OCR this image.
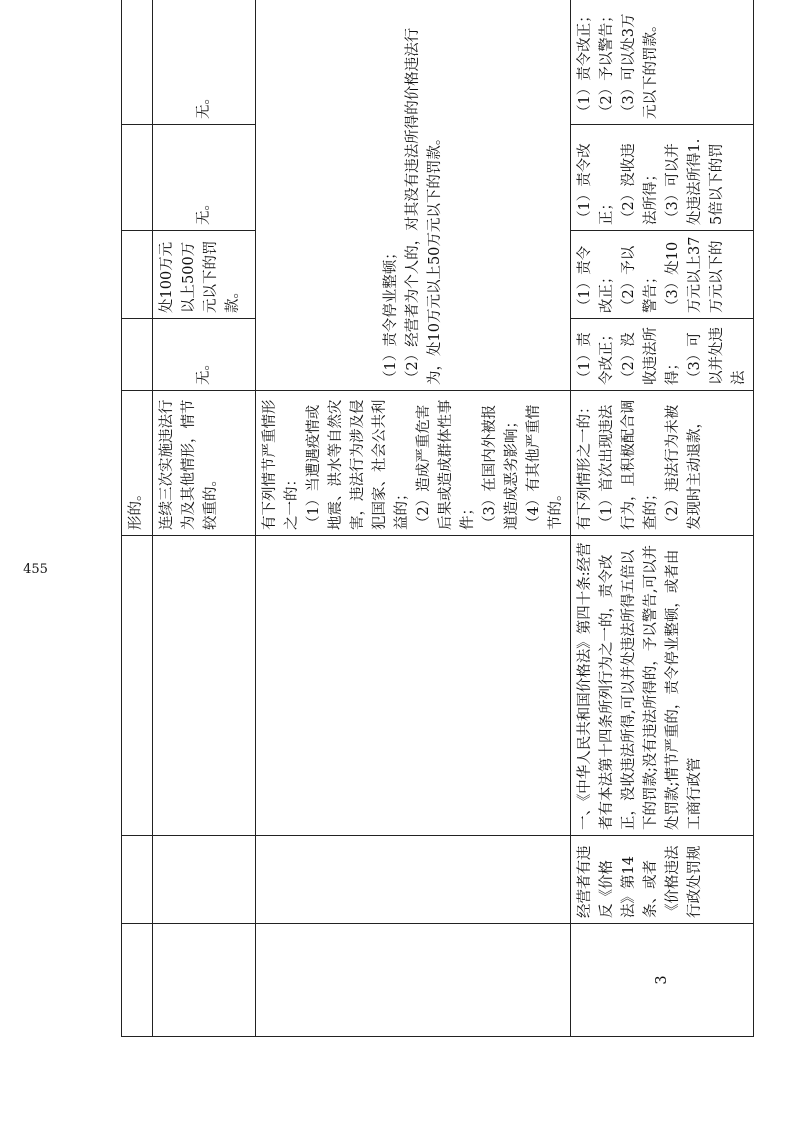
455
			形的。				
			连续三次实施违法行为及其他情形，情节较重的。	无。	处100万元以上500万元以下的罚款。	无。	无。
			有下列情节严重情形之一的：
（1）当遭遇疫情或地震、洪水等自然灾害，违法行为涉及侵犯国家、社会公共利益的；
（2）造成严重危害后果或造成群体性事件；
（3）在国内外被报道造成恶劣影响；
（4）有其他严重情节的。	（1）责令停业整顿；
（2）经营者为个人的，对其没有违法所得的价格违法行为，处10万元以上50万元以下的罚款。			
3	经营者有违反《价格法》第14条、或者《价格违法行政处罚规	一、《中华人民共和国价格法》第四十条:经营者有本法第十四条所列行为之一的，责令改正，没收违法所得,可以并处违法所得五倍以下的罚款;没有违法所得的，予以警告,可以并处罚款;情节严重的，责令停业整顿，或者由工商行政管	有下列情形之一的：
（1）首次出现违法行为，且积极配合调查的；
（2）违法行为未被发现时主动退款，	（1）责令改正；
（2）没收违法所得；
（3）可以并处违法	（1）责令改正；
（2）予以警告；
（3）处10万元以上37万元以下的	（1）责令改正；
（2）没收违法所得；
（3）可以并处违法所得1.5倍以下的罚	（1）责令改正；
（2）予以警告；
（3）可以处3万元以下的罚款。
